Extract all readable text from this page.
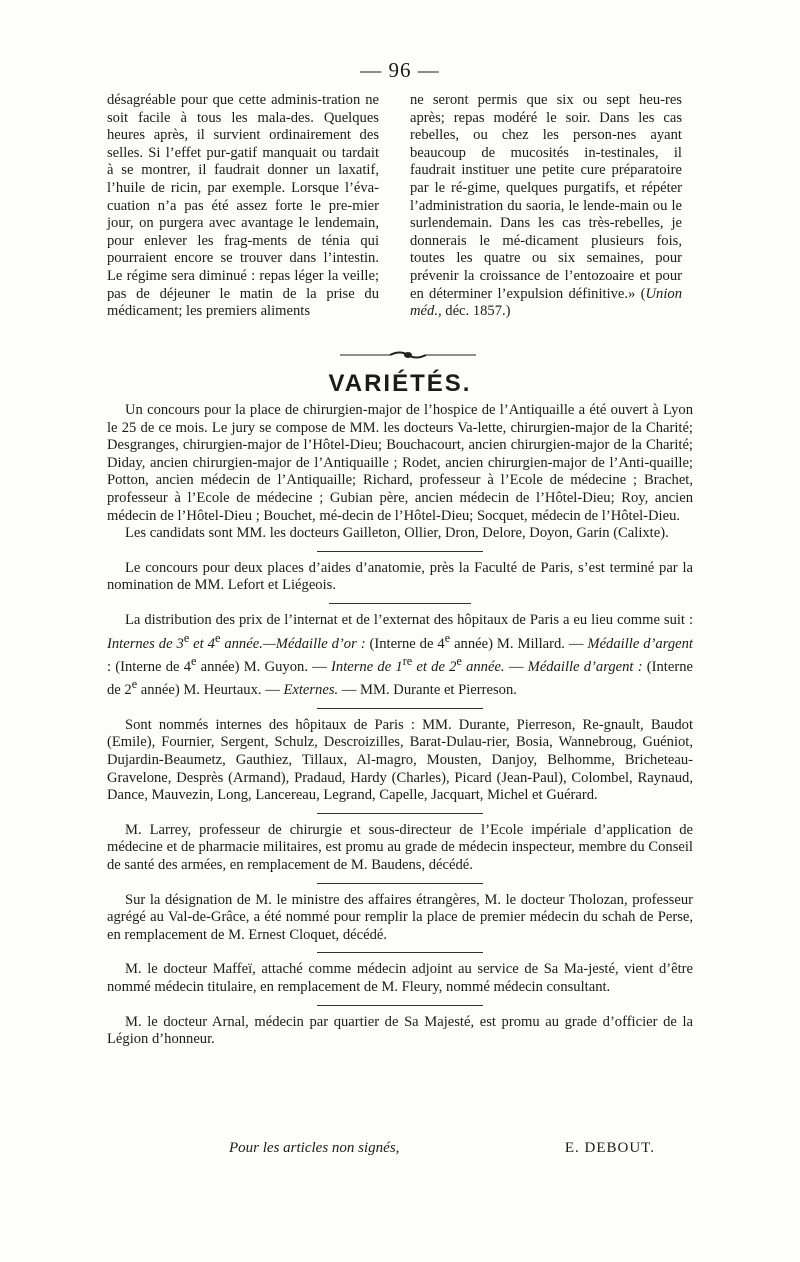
— 96 —

désagréable pour que cette adminis-tration ne soit facile à tous les mala-des. Quelques heures après, il survient ordinairement des selles. Si l’effet pur-gatif manquait ou tardait à se montrer, il faudrait donner un laxatif, l’huile de ricin, par exemple. Lorsque l’éva-cuation n’a pas été assez forte le pre-mier jour, on purgera avec avantage le lendemain, pour enlever les frag-ments de ténia qui pourraient encore se trouver dans l’intestin. Le régime sera diminué : repas léger la veille; pas de déjeuner le matin de la prise du médicament; les premiers aliments

ne seront permis que six ou sept heu-res après; repas modéré le soir. Dans les cas rebelles, ou chez les person-nes ayant beaucoup de mucosités in-testinales, il faudrait instituer une petite cure préparatoire par le ré-gime, quelques purgatifs, et répéter l’administration du saoria, le lende-main ou le surlendemain. Dans les cas très-rebelles, je donnerais le mé-dicament plusieurs fois, toutes les quatre ou six semaines, pour prévenir la croissance de l’entozoaire et pour en déterminer l’expulsion définitive.» (Union méd., déc. 1857.)

VARIÉTÉS.

Un concours pour la place de chirurgien-major de l’hospice de l’Antiquaille a été ouvert à Lyon le 25 de ce mois. Le jury se compose de MM. les docteurs Va-lette, chirurgien-major de la Charité; Desgranges, chirurgien-major de l’Hôtel-Dieu; Bouchacourt, ancien chirurgien-major de la Charité; Diday, ancien chirurgien-major de l’Antiquaille ; Rodet, ancien chirurgien-major de l’Anti-quaille; Potton, ancien médecin de l’Antiquaille; Richard, professeur à l’Ecole de médecine ; Brachet, professeur à l’Ecole de médecine ; Gubian père, ancien médecin de l’Hôtel-Dieu; Roy, ancien médecin de l’Hôtel-Dieu ; Bouchet, mé-decin de l’Hôtel-Dieu; Socquet, médecin de l’Hôtel-Dieu.

Les candidats sont MM. les docteurs Gailleton, Ollier, Dron, Delore, Doyon, Garin (Calixte).

Le concours pour deux places d’aides d’anatomie, près la Faculté de Paris, s’est terminé par la nomination de MM. Lefort et Liégeois.

La distribution des prix de l’internat et de l’externat des hôpitaux de Paris a eu lieu comme suit : Internes de 3e et 4e année.—Médaille d’or : (Interne de 4e année) M. Millard. — Médaille d’argent : (Interne de 4e année) M. Guyon. — Interne de 1re et de 2e année. — Médaille d’argent : (Interne de 2e année) M. Heurtaux. — Externes. — MM. Durante et Pierreson.

Sont nommés internes des hôpitaux de Paris : MM. Durante, Pierreson, Re-gnault, Baudot (Emile), Fournier, Sergent, Schulz, Descroizilles, Barat-Dulau-rier, Bosia, Wannebroug, Guéniot, Dujardin-Beaumetz, Gauthiez, Tillaux, Al-magro, Mousten, Danjoy, Belhomme, Bricheteau-Gravelone, Desprès (Armand), Pradaud, Hardy (Charles), Picard (Jean-Paul), Colombel, Raynaud, Dance, Mauvezin, Long, Lancereau, Legrand, Capelle, Jacquart, Michel et Guérard.

M. Larrey, professeur de chirurgie et sous-directeur de l’Ecole impériale d’application de médecine et de pharmacie militaires, est promu au grade de médecin inspecteur, membre du Conseil de santé des armées, en remplacement de M. Baudens, décédé.

Sur la désignation de M. le ministre des affaires étrangères, M. le docteur Tholozan, professeur agrégé au Val-de-Grâce, a été nommé pour remplir la place de premier médecin du schah de Perse, en remplacement de M. Ernest Cloquet, décédé.

M. le docteur Maffeï, attaché comme médecin adjoint au service de Sa Ma-jesté, vient d’être nommé médecin titulaire, en remplacement de M. Fleury, nommé médecin consultant.

M. le docteur Arnal, médecin par quartier de Sa Majesté, est promu au grade d’officier de la Légion d’honneur.

Pour les articles non signés,	E. DEBOUT.
